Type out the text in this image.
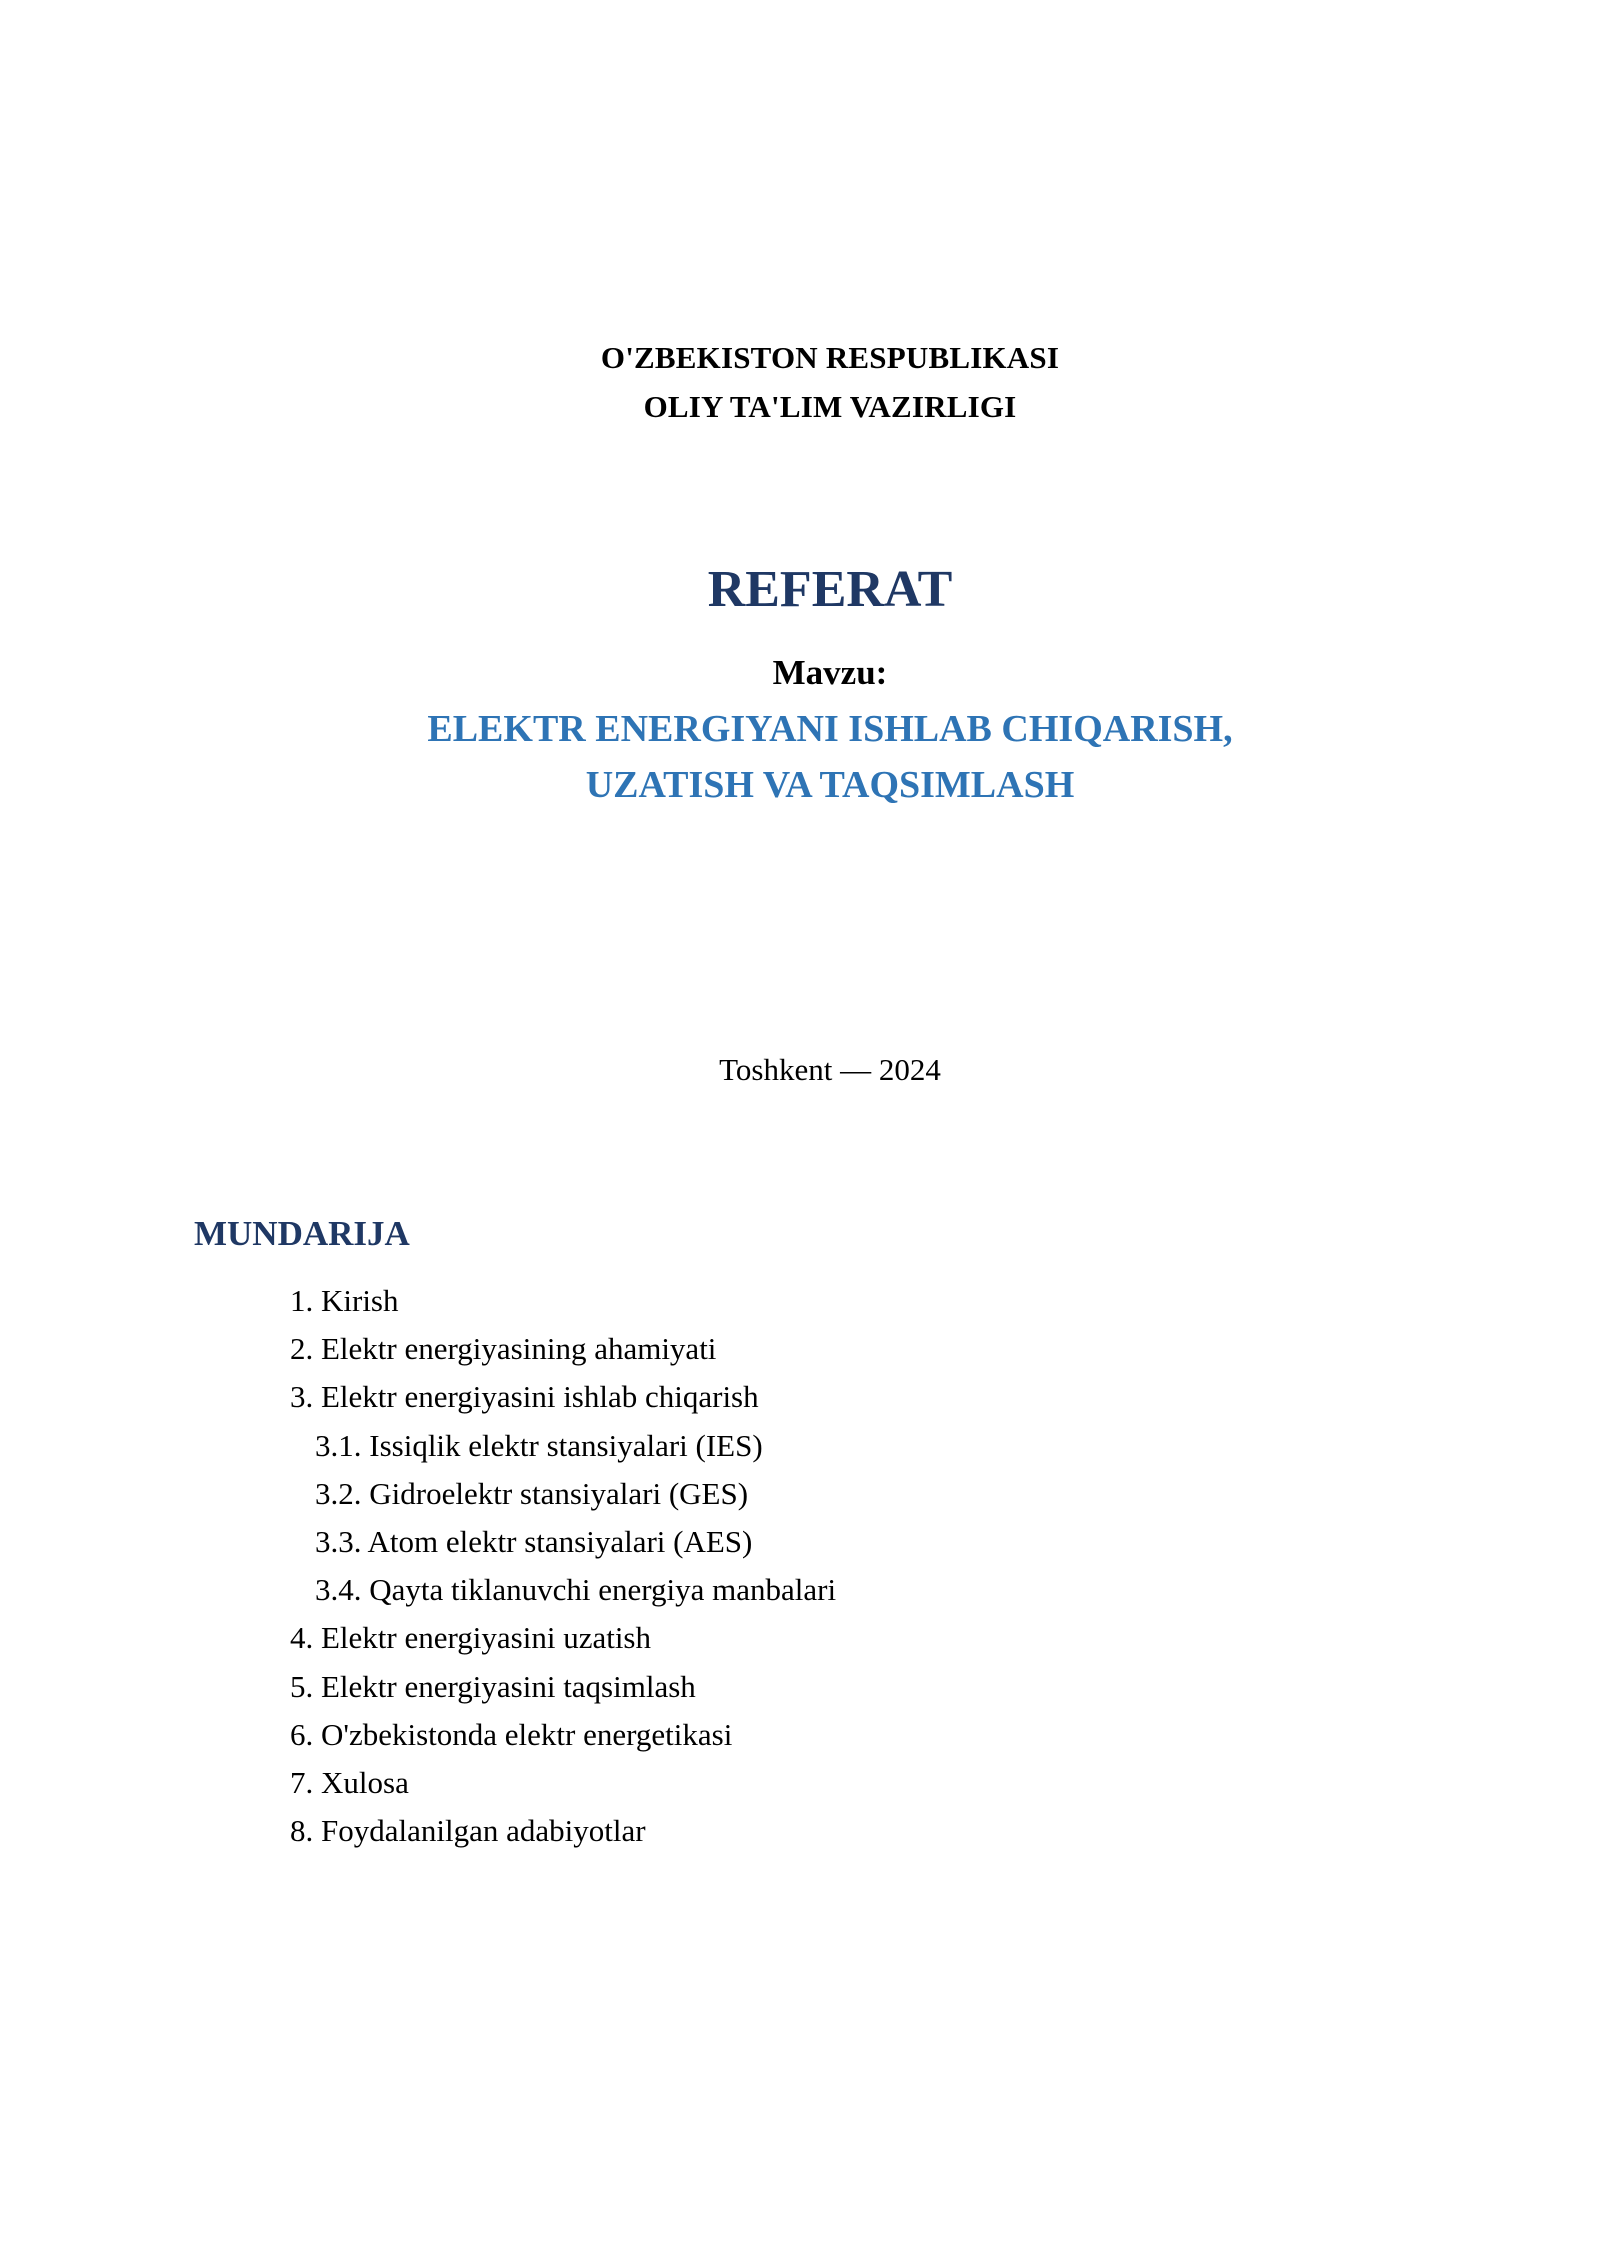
O'ZBEKISTON RESPUBLIKASI
OLIY TA'LIM VAZIRLIGI
REFERAT
Mavzu:
ELEKTR ENERGIYANI ISHLAB CHIQARISH,
UZATISH VA TAQSIMLASH
Toshkent — 2024
MUNDARIJA
1. Kirish
2. Elektr energiyasining ahamiyati
3. Elektr energiyasini ishlab chiqarish
3.1. Issiqlik elektr stansiyalari (IES)
3.2. Gidroelektr stansiyalari (GES)
3.3. Atom elektr stansiyalari (AES)
3.4. Qayta tiklanuvchi energiya manbalari
4. Elektr energiyasini uzatish
5. Elektr energiyasini taqsimlash
6. O'zbekistonda elektr energetikasi
7. Xulosa
8. Foydalanilgan adabiyotlar
